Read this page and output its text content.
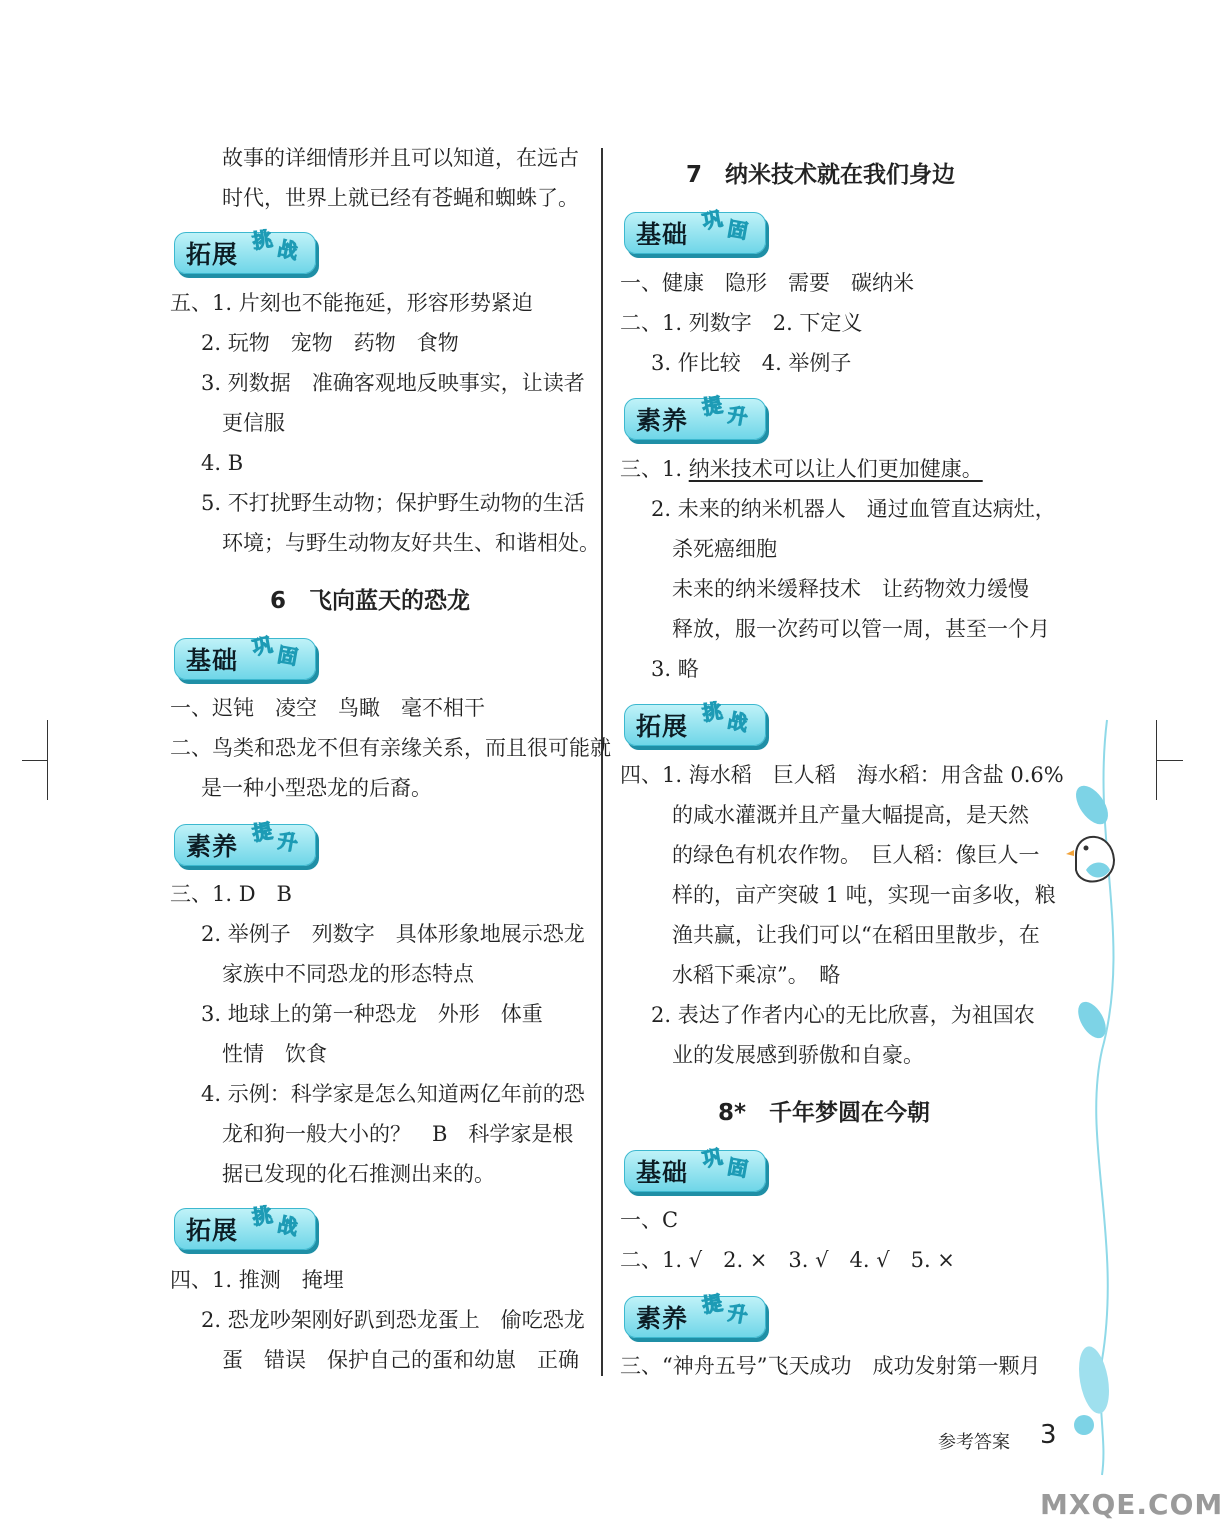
故事的详细情形并且可以知道，在远古
时代，世界上就已经有苍蝇和蜘蛛了。
拓展
挑 战
五、1. 片刻也不能拖延，形容形势紧迫
2. 玩物　宠物　药物　食物
3. 列数据　准确客观地反映事实，让读者
更信服
4. B
5. 不打扰野生动物；保护野生动物的生活
环境；与野生动物友好共生、和谐相处。
6　飞向蓝天的恐龙
基础
巩 固
一、迟钝　凌空　鸟瞰　毫不相干
二、鸟类和恐龙不但有亲缘关系，而且很可能就
是一种小型恐龙的后裔。
素养
提 升
三、1. D　B
2. 举例子　列数字　具体形象地展示恐龙
家族中不同恐龙的形态特点
3. 地球上的第一种恐龙　外形　体重
性情　饮食
4. 示例：科学家是怎么知道两亿年前的恐
龙和狗一般大小的？　B　科学家是根
据已发现的化石推测出来的。
拓展
挑 战
四、1. 推测　掩埋
2. 恐龙吵架刚好趴到恐龙蛋上　偷吃恐龙
蛋　错误　保护自己的蛋和幼崽　正确
7　纳米技术就在我们身边
基础
巩 固
一、健康　隐形　需要　碳纳米
二、1. 列数字　2. 下定义
3. 作比较　4. 举例子
素养
提 升
三、1. 纳米技术可以让人们更加健康。
2. 未来的纳米机器人　通过血管直达病灶，
杀死癌细胞
未来的纳米缓释技术　让药物效力缓慢
释放，服一次药可以管一周，甚至一个月
3. 略
拓展
挑 战
四、1. 海水稻　巨人稻　海水稻：用含盐 0.6%
的咸水灌溉并且产量大幅提高，是天然
的绿色有机农作物。　巨人稻：像巨人一
样的，亩产突破 1 吨，实现一亩多收，粮
渔共赢，让我们可以“在稻田里散步，在
水稻下乘凉”。　略
2. 表达了作者内心的无比欣喜，为祖国农
业的发展感到骄傲和自豪。
8*　千年梦圆在今朝
基础
巩 固
一、C
二、1. √　2. ×　3. √　4. √　5. ×
素养
提 升
三、“神舟五号”飞天成功　成功发射第一颗月
参考答案 3
MXQE.COM
